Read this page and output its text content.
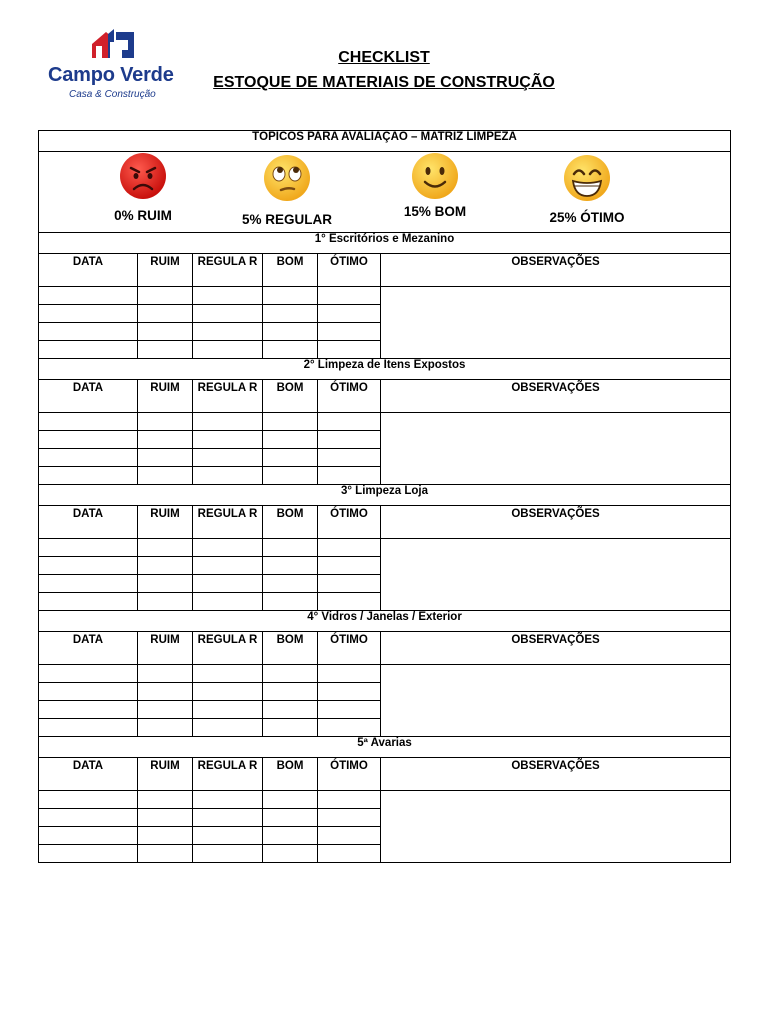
Campo Verde
Casa & Construção
CHECKLIST
ESTOQUE DE MATERIAIS DE CONSTRUÇÃO
TÓPICOS PARA AVALIAÇÃO – MATRIZ LIMPEZA					

0% RUIM 5% REGULAR
15% BOM 25% ÓTIMO					

1° Escritórios e Mezanino					
DATA	RUIM	REGULA R	BOM	ÓTIMO	OBSERVAÇÕES

2° Limpeza de Itens Expostos					
DATA	RUIM	REGULA R	BOM	ÓTIMO	OBSERVAÇÕES

3° Limpeza Loja					
DATA	RUIM	REGULA R	BOM	ÓTIMO	OBSERVAÇÕES

4° Vidros / Janelas / Exterior					
DATA	RUIM	REGULA R	BOM	ÓTIMO	OBSERVAÇÕES

5ª Avarias					
DATA	RUIM	REGULA R	BOM	ÓTIMO	OBSERVAÇÕES
